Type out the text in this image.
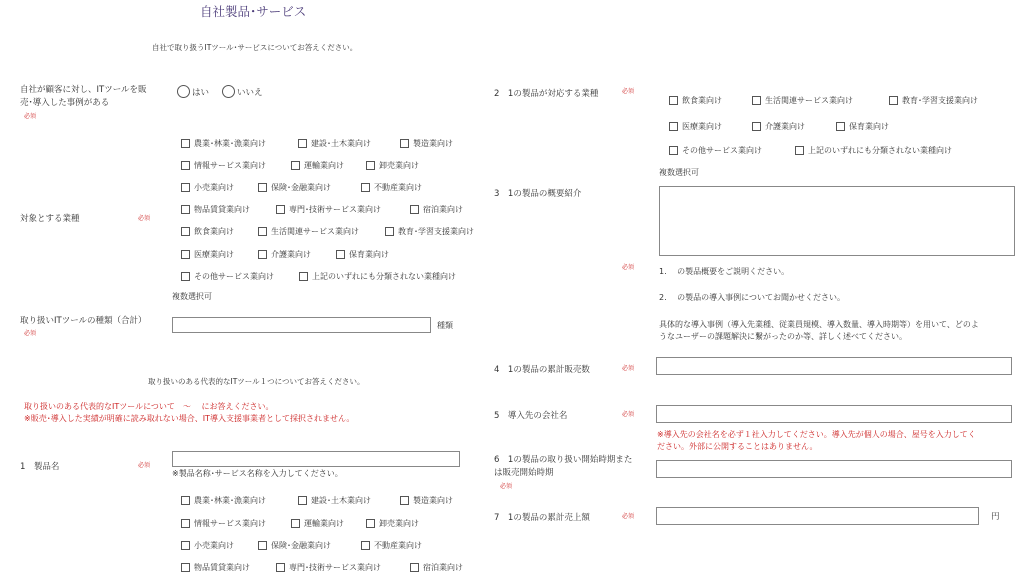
自社製品･サービス
自社で取り扱うITツール･サービスについてお答えください。
自社が顧客に対し、ITツールを販
売･導入した事例がある
必須
はい	いいえ
対象とする業種	必須
農業･林業･漁業向け	建設･土木業向け	製造業向け
情報サービス業向け	運輸業向け	卸売業向け
小売業向け	保険･金融業向け	不動産業向け
物品賃貸業向け	専門･技術サービス業向け	宿泊業向け
飲食業向け	生活関連サービス業向け	教育･学習支援業向け
医療業向け	介護業向け	保育業向け
その他サービス業向け	上記のいずれにも分類されない業種向け
複数選択可
取り扱いITツールの種類（合計）
必須
種類
取り扱いのある代表的なITツール１つについてお答えください。
取り扱いのある代表的なITツールについて　～　 にお答えください。
※販売･導入した実績が明確に読み取れない場合、IT導入支援事業者として採択されません。
1　製品名	必須
※製品名称･サービス名称を入力してください。
農業･林業･漁業向け	建設･土木業向け	製造業向け
情報サービス業向け	運輸業向け	卸売業向け
小売業向け	保険･金融業向け	不動産業向け
物品賃貸業向け	専門･技術サービス業向け	宿泊業向け
2　1の製品が対応する業種	必須
飲食業向け	生活関連サービス業向け	教育･学習支援業向け
医療業向け	介護業向け	保育業向け
その他サービス業向け	上記のいずれにも分類されない業種向け
複数選択可
3　1の製品の概要紹介
必須	1.　 の製品概要をご説明ください。
2.　 の製品の導入事例についてお聞かせください。
具体的な導入事例（導入先業種、従業員規模、導入数量、導入時期等）を用いて、どのよ
うなユーザーの課題解決に繋がったのか等、詳しく述べてください。
4　1の製品の累計販売数	必須
5　導入先の会社名	必須
※導入先の会社名を必ず１社入力してください。導入先が個人の場合、屋号を入力してく
ださい。外部に公開することはありません。
6　1の製品の取り扱い開始時期また
は販売開始時期
必須
7　1の製品の累計売上額	必須	円
